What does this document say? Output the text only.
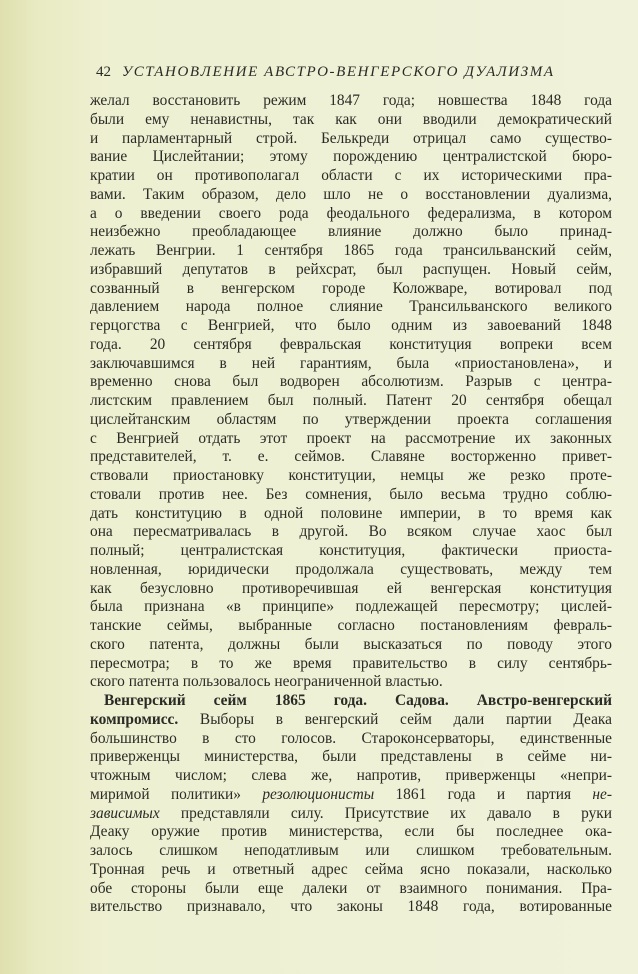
42 УСТАНОВЛЕНИЕ АВСТРО-ВЕНГЕРСКОГО ДУАЛИЗМА
желал восстановить режим 1847 года; новшества 1848 года
были ему ненавистны, так как они вводили демократический
и парламентарный строй. Белькреди отрицал само существо-
вание Цислейтании; этому порождению централистской бюро-
кратии он противополагал области с их историческими пра-
вами. Таким образом, дело шло не о восстановлении дуализма,
а о введении своего рода феодального федерализма, в котором
неизбежно преобладающее влияние должно было принад-
лежать Венгрии. 1 сентября 1865 года трансильванский сейм,
избравший депутатов в рейхсрат, был распущен. Новый сейм,
созванный в венгерском городе Коложваре, вотировал под
давлением народа полное слияние Трансильванского великого
герцогства с Венгрией, что было одним из завоеваний 1848
года. 20 сентября февральская конституция вопреки всем
заключавшимся в ней гарантиям, была «приостановлена», и
временно снова был водворен абсолютизм. Разрыв с центра-
листским правлением был полный. Патент 20 сентября обещал
цислейтанским областям по утверждении проекта соглашения
с Венгрией отдать этот проект на рассмотрение их законных
представителей, т. е. сеймов. Славяне восторженно привет-
ствовали приостановку конституции, немцы же резко проте-
стовали против нее. Без сомнения, было весьма трудно соблю-
дать конституцию в одной половине империи, в то время как
она пересматривалась в другой. Во всяком случае хаос был
полный; централистская конституция, фактически приоста-
новленная, юридически продолжала существовать, между тем
как безусловно противоречившая ей венгерская конституция
была признана «в принципе» подлежащей пересмотру; цислей-
танские сеймы, выбранные согласно постановлениям февраль-
ского патента, должны были высказаться по поводу этого
пересмотра; в то же время правительство в силу сентябрь-
ского патента пользовалось неограниченной властью.
Венгерский сейм 1865 года. Садова. Австро-венгерский
компромисс. Выборы в венгерский сейм дали партии Деака
большинство в сто голосов. Староконсерваторы, единственные
приверженцы министерства, были представлены в сейме ни-
чтожным числом; слева же, напротив, приверженцы «непри-
миримой политики» резолюционисты 1861 года и партия не-
зависимых представляли силу. Присутствие их давало в руки
Деаку оружие против министерства, если бы последнее ока-
залось слишком неподатливым или слишком требовательным.
Тронная речь и ответный адрес сейма ясно показали, насколько
обе стороны были еще далеки от взаимного понимания. Пра-
вительство признавало, что законы 1848 года, вотированные
